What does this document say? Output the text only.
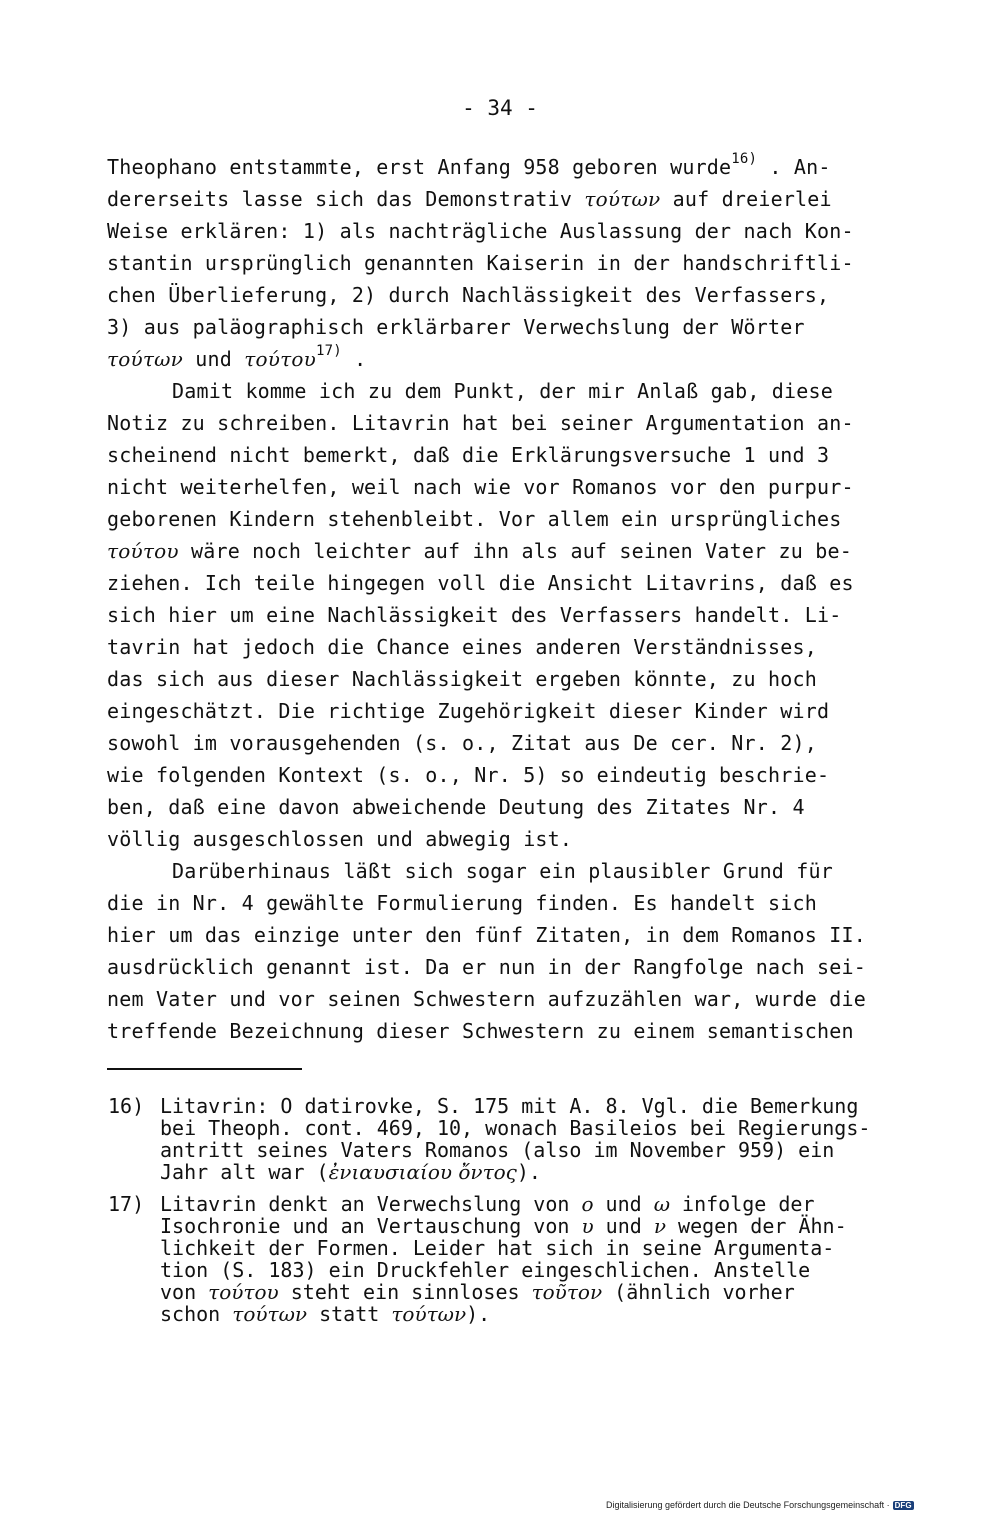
- 34 -
Theophano entstammte, erst Anfang 958 geboren wurde$^{16)}$ . An-
dererseits lasse sich das Demonstrativ τούτων auf dreierlei
Weise erklären: 1) als nachträgliche Auslassung der nach Kon-
stantin ursprünglich genannten Kaiserin in der handschriftli-
chen Überlieferung, 2) durch Nachlässigkeit des Verfassers,
3) aus paläographisch erklärbarer Verwechslung der Wörter
τούτων und τούτου$^{17)}$ .
Damit komme ich zu dem Punkt, der mir Anlaß gab, diese
Notiz zu schreiben. Litavrin hat bei seiner Argumentation an-
scheinend nicht bemerkt, daß die Erklärungsversuche 1 und 3
nicht weiterhelfen, weil nach wie vor Romanos vor den purpur-
geborenen Kindern stehenbleibt. Vor allem ein ursprüngliches
τούτου wäre noch leichter auf ihn als auf seinen Vater zu be-
ziehen. Ich teile hingegen voll die Ansicht Litavrins, daß es
sich hier um eine Nachlässigkeit des Verfassers handelt. Li-
tavrin hat jedoch die Chance eines anderen Verständnisses,
das sich aus dieser Nachlässigkeit ergeben könnte, zu hoch
eingeschätzt. Die richtige Zugehörigkeit dieser Kinder wird
sowohl im vorausgehenden (s. o., Zitat aus De cer. Nr. 2),
wie folgenden Kontext (s. o., Nr. 5) so eindeutig beschrie-
ben, daß eine davon abweichende Deutung des Zitates Nr. 4
völlig ausgeschlossen und abwegig ist.
Darüberhinaus läßt sich sogar ein plausibler Grund für
die in Nr. 4 gewählte Formulierung finden. Es handelt sich
hier um das einzige unter den fünf Zitaten, in dem Romanos II.
ausdrücklich genannt ist. Da er nun in der Rangfolge nach sei-
nem Vater und vor seinen Schwestern aufzuzählen war, wurde die
treffende Bezeichnung dieser Schwestern zu einem semantischen
16) Litavrin: O datirovke, S. 175 mit A. 8. Vgl. die Bemerkung
bei Theoph. cont. 469, 10, wonach Basileios bei Regierungs-
antritt seines Vaters Romanos (also im November 959) ein
Jahr alt war (ἐνιαυσιαίου ὄντος).
17) Litavrin denkt an Verwechslung von ο und ω infolge der
Isochronie und an Vertauschung von υ und ν wegen der Ähn-
lichkeit der Formen. Leider hat sich in seine Argumenta-
tion (S. 183) ein Druckfehler eingeschlichen. Anstelle
von τούτου steht ein sinnloses τοῦτον (ähnlich vorher
schon τούτων statt τούτων).
Digitalisierung gefördert durch die Deutsche Forschungsgemeinschaft · DFG
